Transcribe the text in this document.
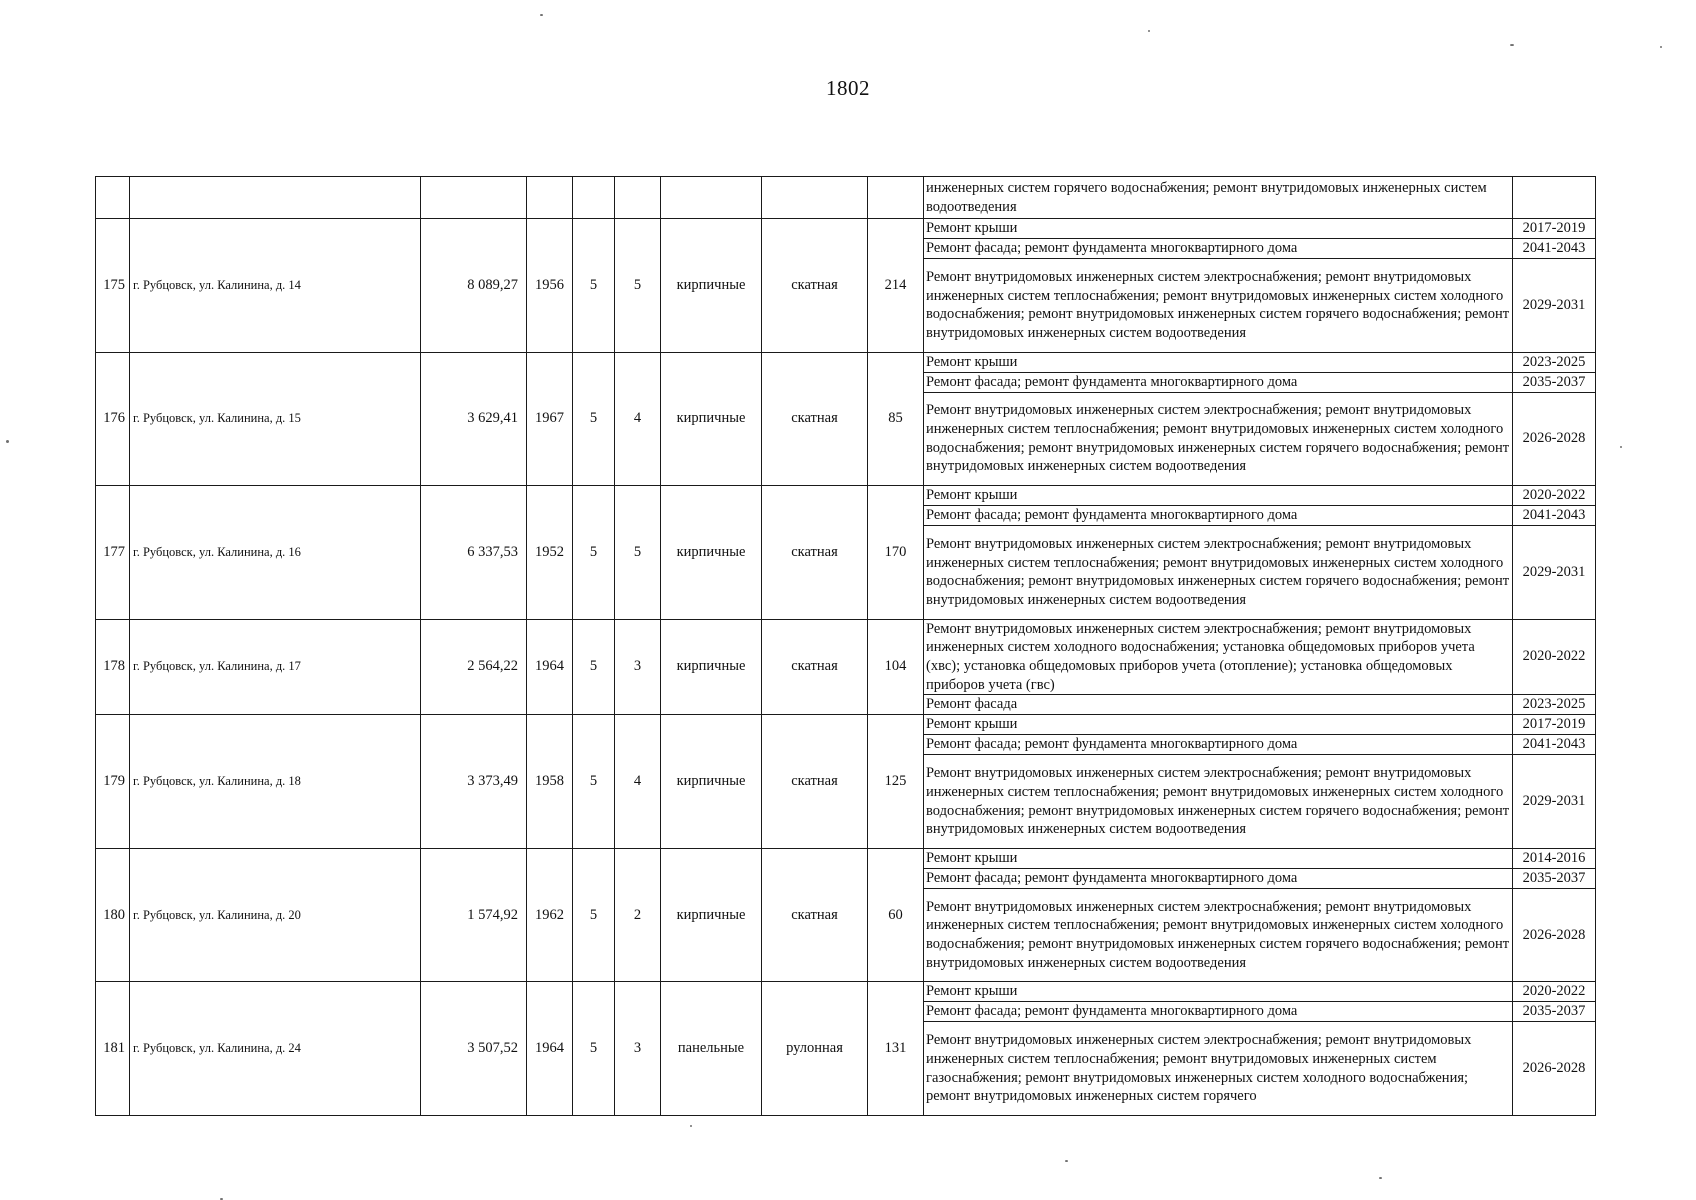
1802
									инженерных систем горячего водоснабжения; ремонт внутридомовых инженерных систем водоотведения	
175	г. Рубцовск, ул. Калинина, д. 14	8 089,27	1956	5	5	кирпичные	скатная	214	Ремонт крыши	2017-2019
									Ремонт фасада; ремонт фундамента многоквартирного дома	2041-2043
									Ремонт внутридомовых инженерных систем электроснабжения; ремонт внутридомовых инженерных систем теплоснабжения; ремонт внутридомовых инженерных систем холодного водоснабжения; ремонт внутридомовых инженерных систем горячего водоснабжения; ремонт внутридомовых инженерных систем водоотведения	2029-2031
176	г. Рубцовск, ул. Калинина, д. 15	3 629,41	1967	5	4	кирпичные	скатная	85	Ремонт крыши	2023-2025
									Ремонт фасада; ремонт фундамента многоквартирного дома	2035-2037
									Ремонт внутридомовых инженерных систем электроснабжения; ремонт внутридомовых инженерных систем теплоснабжения; ремонт внутридомовых инженерных систем холодного водоснабжения; ремонт внутридомовых инженерных систем горячего водоснабжения; ремонт внутридомовых инженерных систем водоотведения	2026-2028
177	г. Рубцовск, ул. Калинина, д. 16	6 337,53	1952	5	5	кирпичные	скатная	170	Ремонт крыши	2020-2022
									Ремонт фасада; ремонт фундамента многоквартирного дома	2041-2043
									Ремонт внутридомовых инженерных систем электроснабжения; ремонт внутридомовых инженерных систем теплоснабжения; ремонт внутридомовых инженерных систем холодного водоснабжения; ремонт внутридомовых инженерных систем горячего водоснабжения; ремонт внутридомовых инженерных систем водоотведения	2029-2031
178	г. Рубцовск, ул. Калинина, д. 17	2 564,22	1964	5	3	кирпичные	скатная	104	Ремонт внутридомовых инженерных систем электроснабжения; ремонт внутридомовых инженерных систем холодного водоснабжения; установка общедомовых приборов учета (хвс); установка общедомовых приборов учета (отопление); установка общедомовых приборов учета (гвс)	2020-2022
									Ремонт фасада	2023-2025
179	г. Рубцовск, ул. Калинина, д. 18	3 373,49	1958	5	4	кирпичные	скатная	125	Ремонт крыши	2017-2019
									Ремонт фасада; ремонт фундамента многоквартирного дома	2041-2043
									Ремонт внутридомовых инженерных систем электроснабжения; ремонт внутридомовых инженерных систем теплоснабжения; ремонт внутридомовых инженерных систем холодного водоснабжения; ремонт внутридомовых инженерных систем горячего водоснабжения; ремонт внутридомовых инженерных систем водоотведения	2029-2031
180	г. Рубцовск, ул. Калинина, д. 20	1 574,92	1962	5	2	кирпичные	скатная	60	Ремонт крыши	2014-2016
									Ремонт фасада; ремонт фундамента многоквартирного дома	2035-2037
									Ремонт внутридомовых инженерных систем электроснабжения; ремонт внутридомовых инженерных систем теплоснабжения; ремонт внутридомовых инженерных систем холодного водоснабжения; ремонт внутридомовых инженерных систем горячего водоснабжения; ремонт внутридомовых инженерных систем водоотведения	2026-2028
181	г. Рубцовск, ул. Калинина, д. 24	3 507,52	1964	5	3	панельные	рулонная	131	Ремонт крыши	2020-2022
									Ремонт фасада; ремонт фундамента многоквартирного дома	2035-2037
									Ремонт внутридомовых инженерных систем электроснабжения; ремонт внутридомовых инженерных систем теплоснабжения; ремонт внутридомовых инженерных систем газоснабжения; ремонт внутридомовых инженерных систем холодного водоснабжения; ремонт внутридомовых инженерных систем горячего	2026-2028
